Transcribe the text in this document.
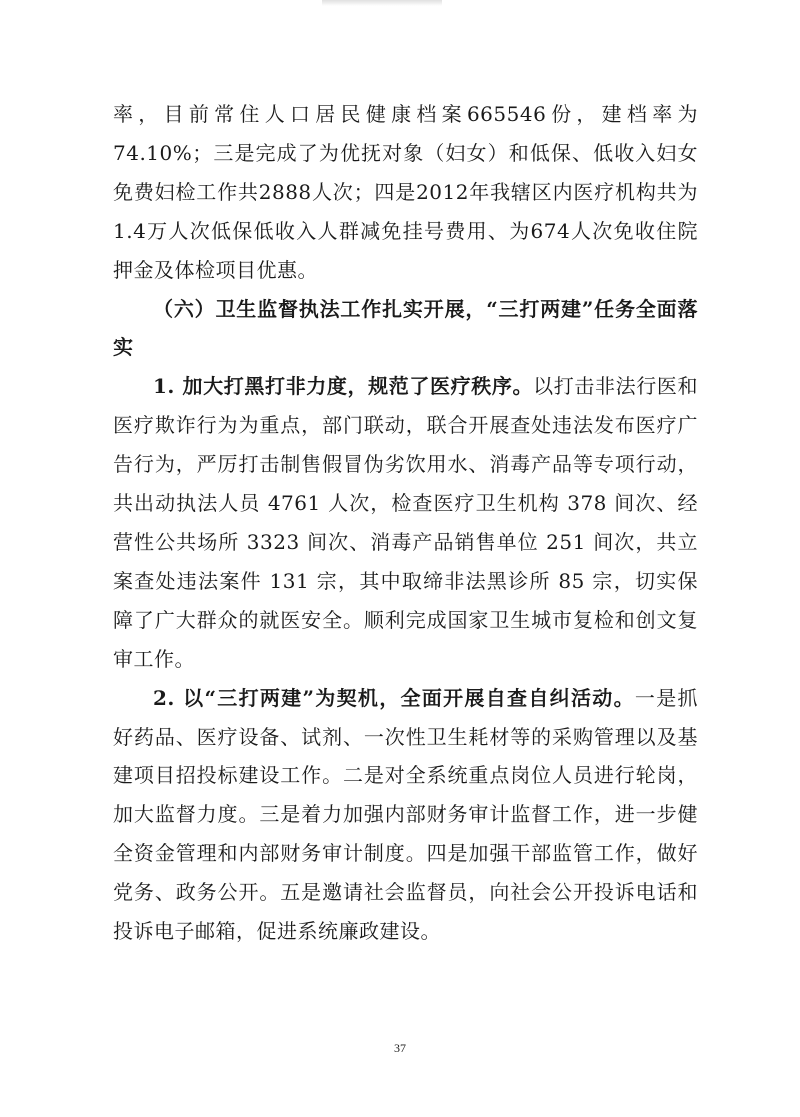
率，目前常住人口居民健康档案665546份，建档率为74.10%；三是完成了为优抚对象（妇女）和低保、低收入妇女免费妇检工作共2888人次；四是2012年我辖区内医疗机构共为1.4万人次低保低收入人群减免挂号费用、为674人次免收住院押金及体检项目优惠。

（六）卫生监督执法工作扎实开展，“三打两建”任务全面落实

1. 加大打黑打非力度，规范了医疗秩序。以打击非法行医和医疗欺诈行为为重点，部门联动，联合开展查处违法发布医疗广告行为，严厉打击制售假冒伪劣饮用水、消毒产品等专项行动，共出动执法人员 4761 人次，检查医疗卫生机构 378 间次、经营性公共场所 3323 间次、消毒产品销售单位 251 间次，共立案查处违法案件 131 宗，其中取缔非法黑诊所 85 宗，切实保障了广大群众的就医安全。顺利完成国家卫生城市复检和创文复审工作。

2. 以“三打两建”为契机，全面开展自查自纠活动。一是抓好药品、医疗设备、试剂、一次性卫生耗材等的采购管理以及基建项目招投标建设工作。二是对全系统重点岗位人员进行轮岗，加大监督力度。三是着力加强内部财务审计监督工作，进一步健全资金管理和内部财务审计制度。四是加强干部监管工作，做好党务、政务公开。五是邀请社会监督员，向社会公开投诉电话和投诉电子邮箱，促进系统廉政建设。

37
